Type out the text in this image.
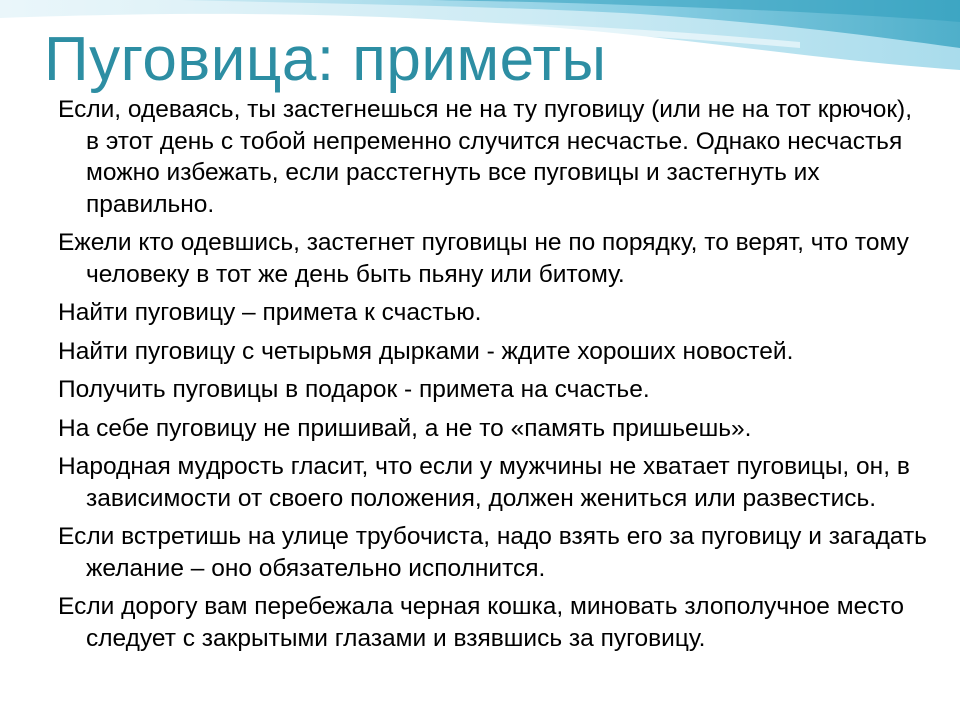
Пуговица: приметы
Если, одеваясь, ты застегнешься не на ту пуговицу (или не на тот крючок), в этот день с тобой непременно случится несчастье. Однако несчастья можно избежать, если расстегнуть все пуговицы и застегнуть их правильно.
Ежели кто одевшись, застегнет пуговицы не по порядку, то верят, что тому человеку в тот же день быть пьяну или битому.
Найти пуговицу – примета к счастью.
Найти пуговицу с четырьмя дырками - ждите хороших новостей.
Получить пуговицы в подарок - примета на счастье.
На себе пуговицу не пришивай, а не то «память пришьешь».
Народная мудрость гласит, что если у мужчины не хватает пуговицы, он, в зависимости от своего положения, должен жениться или развестись.
Если встретишь на улице трубочиста, надо взять его за пуговицу и загадать желание – оно обязательно исполнится.
Если дорогу вам перебежала черная кошка, миновать злополучное место следует с закрытыми глазами и взявшись за пуговицу.
